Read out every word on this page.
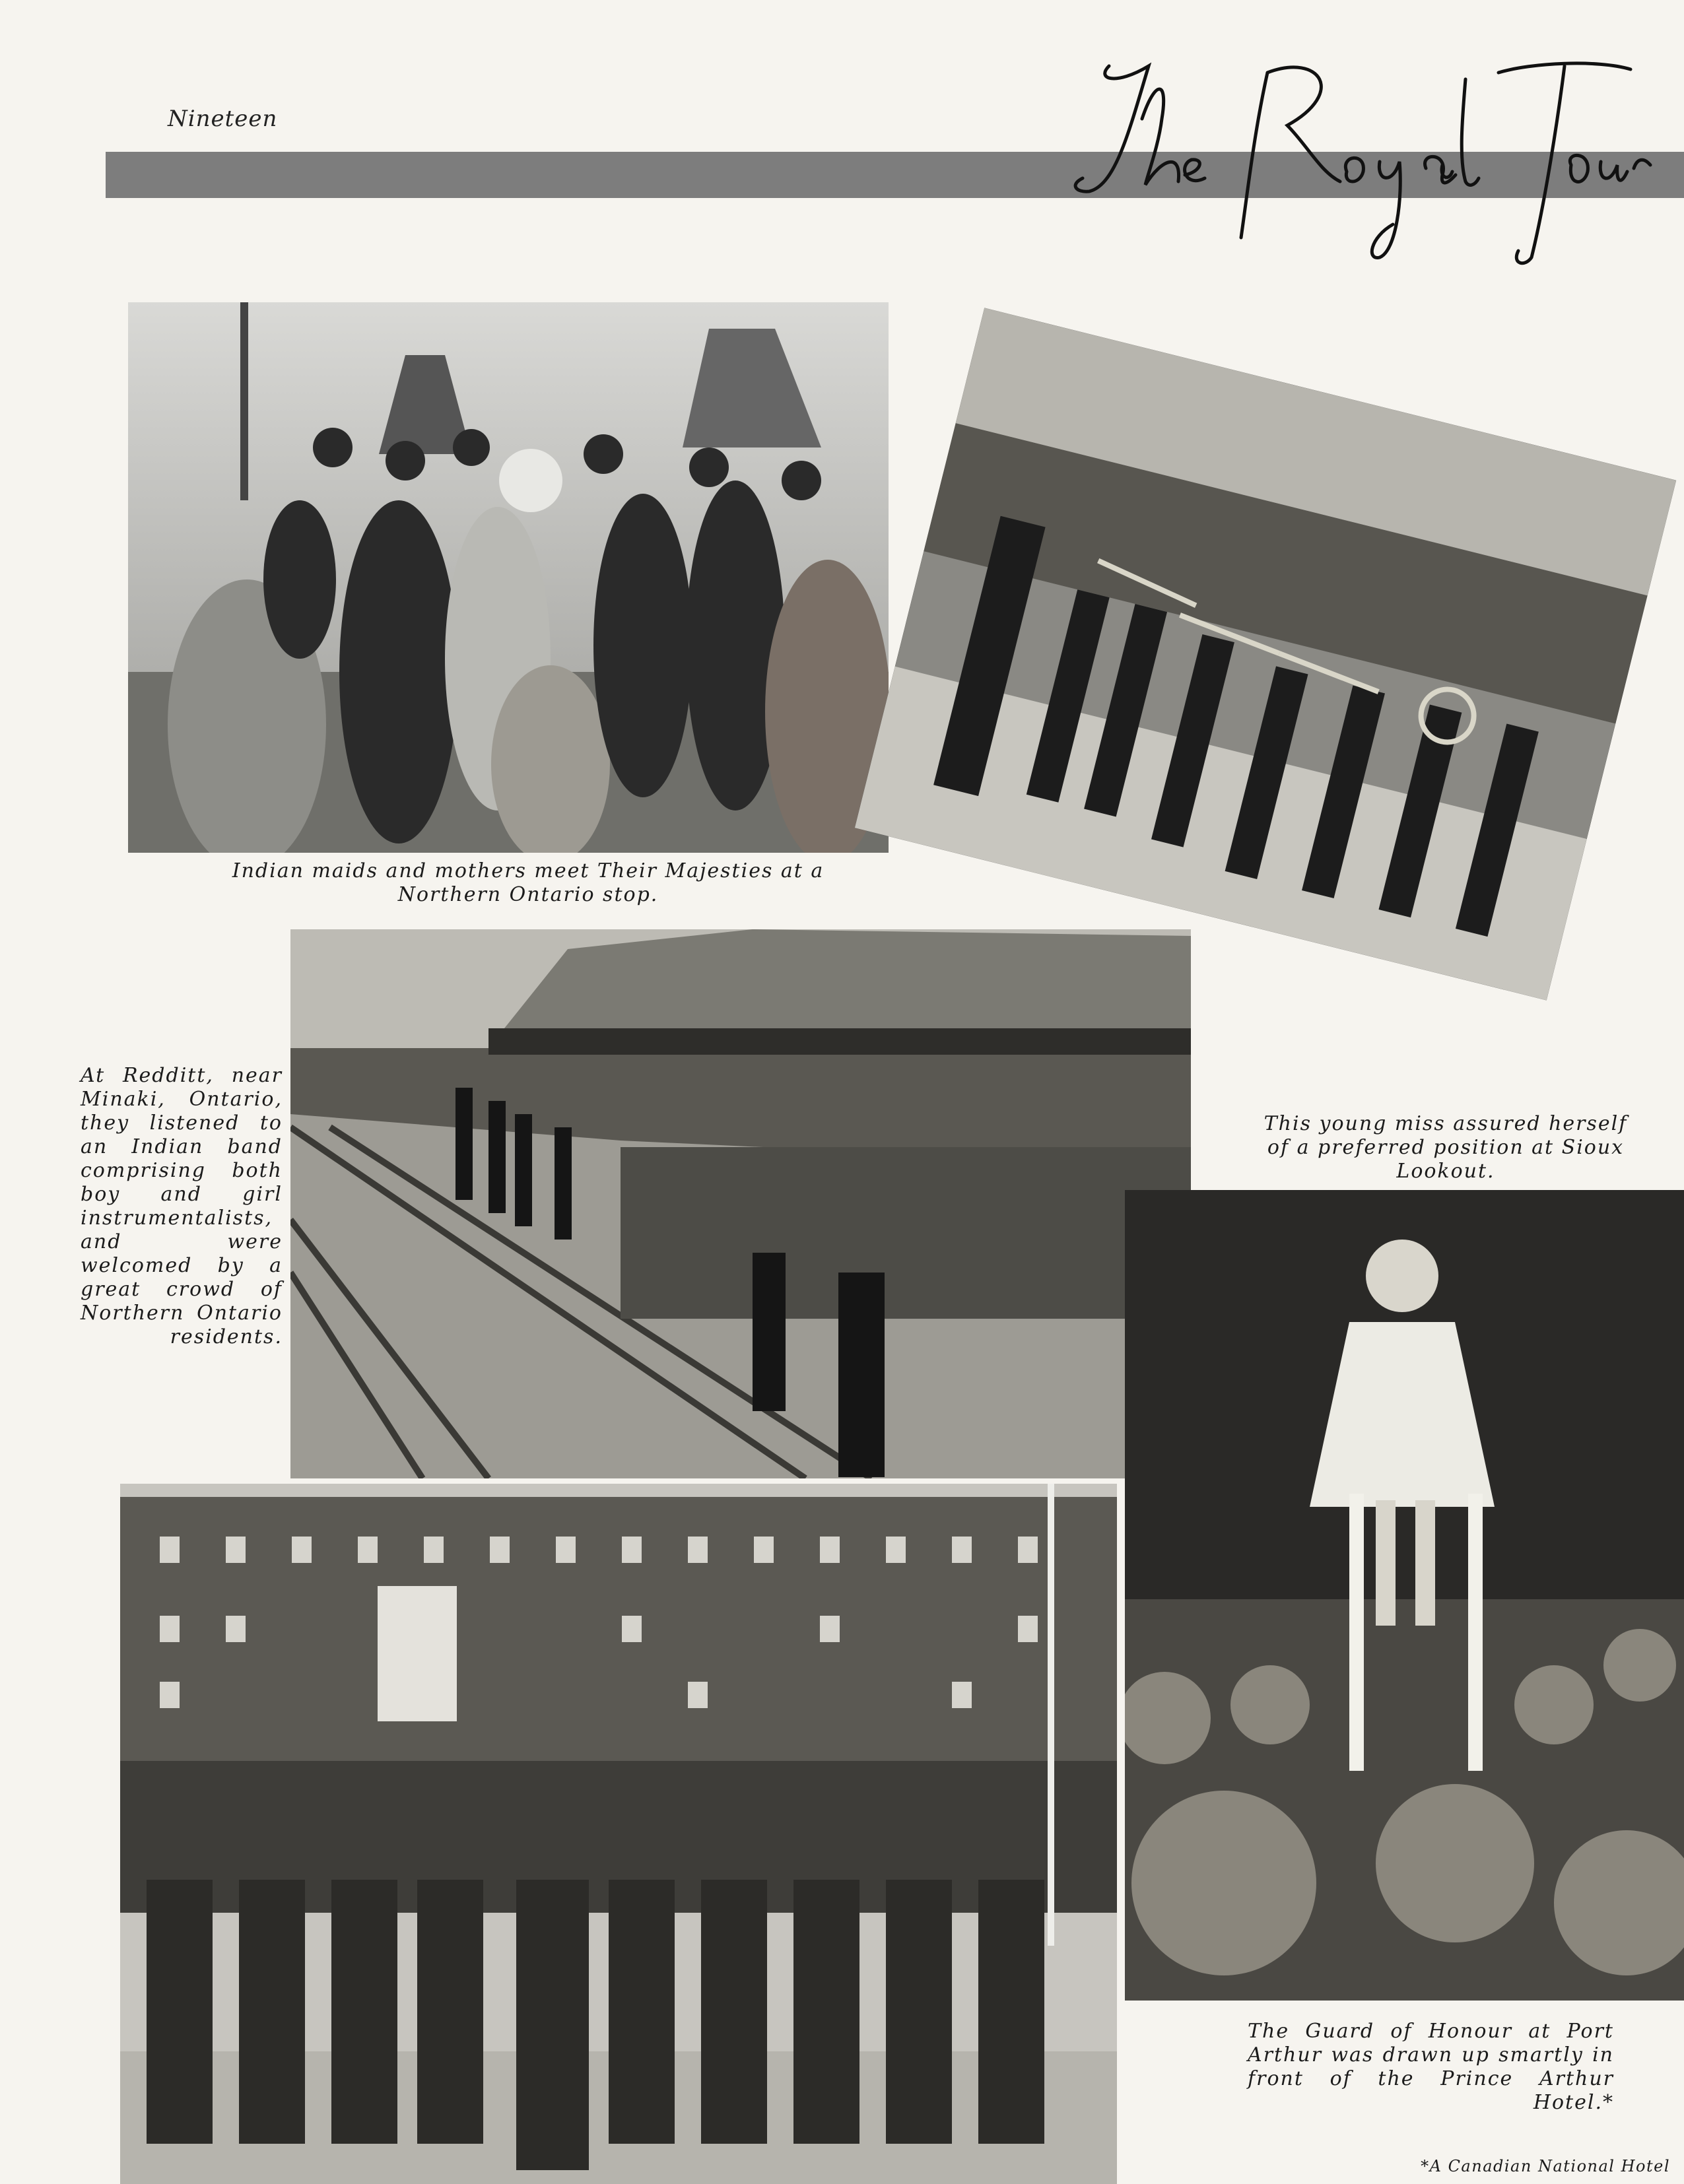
Nineteen
Indian maids and mothers meet Their Majesties at a Northern Ontario stop.
At Redditt, near Minaki, Ontario, they listened to an Indian band comprising both boy and girl instrumentalists, and were welcomed by a great crowd of Northern Ontario residents.
This young miss assured herself of a preferred position at Sioux Lookout.
The Guard of Honour at Port Arthur was drawn up smartly in front of the Prince Arthur Hotel.*
*A Canadian National Hotel
